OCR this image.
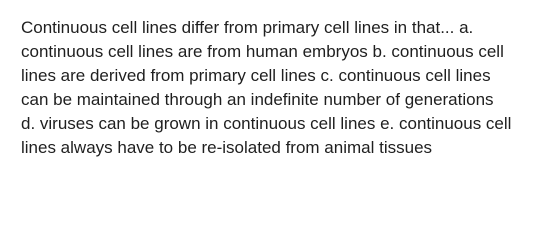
Continuous cell lines differ from primary cell lines in that... a.
continuous cell lines are from human embryos b. continuous cell
lines are derived from primary cell lines c. continuous cell lines
can be maintained through an indefinite number of generations
d. viruses can be grown in continuous cell lines e. continuous cell
lines always have to be re-isolated from animal tissues
